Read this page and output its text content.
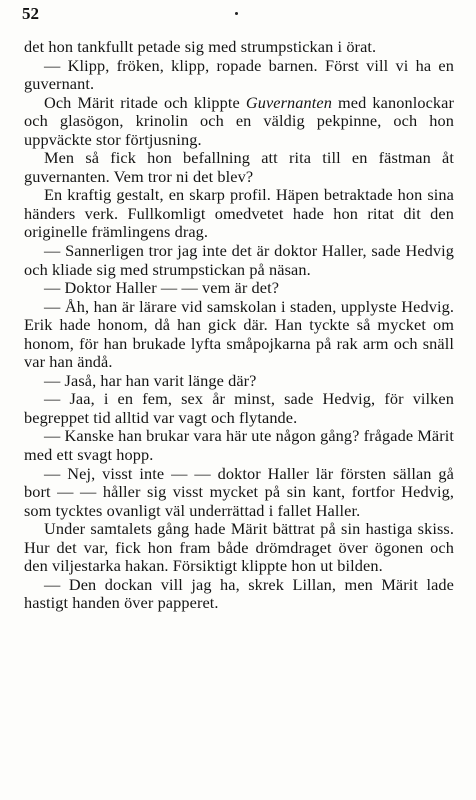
52

det hon tankfullt petade sig med strumpstickan i örat.

— Klipp, fröken, klipp, ropade barnen. Först vill vi ha en guvernant.

Och Märit ritade och klippte Guvernanten med kanonlockar och glasögon, krinolin och en väldig pekpinne, och hon uppväckte stor förtjusning.

Men så fick hon befallning att rita till en fästman åt guvernanten. Vem tror ni det blev?

En kraftig gestalt, en skarp profil. Häpen betraktade hon sina händers verk. Fullkomligt omedvetet hade hon ritat dit den originelle främlingens drag.

— Sannerligen tror jag inte det är doktor Haller, sade Hedvig och kliade sig med strumpstickan på näsan.

— Doktor Haller — — vem är det?

— Åh, han är lärare vid samskolan i staden, upplyste Hedvig. Erik hade honom, då han gick där. Han tyckte så mycket om honom, för han brukade lyfta småpojkarna på rak arm och snäll var han ändå.

— Jaså, har han varit länge där?

— Jaa, i en fem, sex år minst, sade Hedvig, för vilken begreppet tid alltid var vagt och flytande.

— Kanske han brukar vara här ute någon gång? frågade Märit med ett svagt hopp.

— Nej, visst inte — — doktor Haller lär försten sällan gå bort — — håller sig visst mycket på sin kant, fortfor Hedvig, som tycktes ovanligt väl underrättad i fallet Haller.

Under samtalets gång hade Märit bättrat på sin hastiga skiss. Hur det var, fick hon fram både drömdraget över ögonen och den viljestarka hakan. Försiktigt klippte hon ut bilden.

— Den dockan vill jag ha, skrek Lillan, men Märit lade hastigt handen över papperet.
